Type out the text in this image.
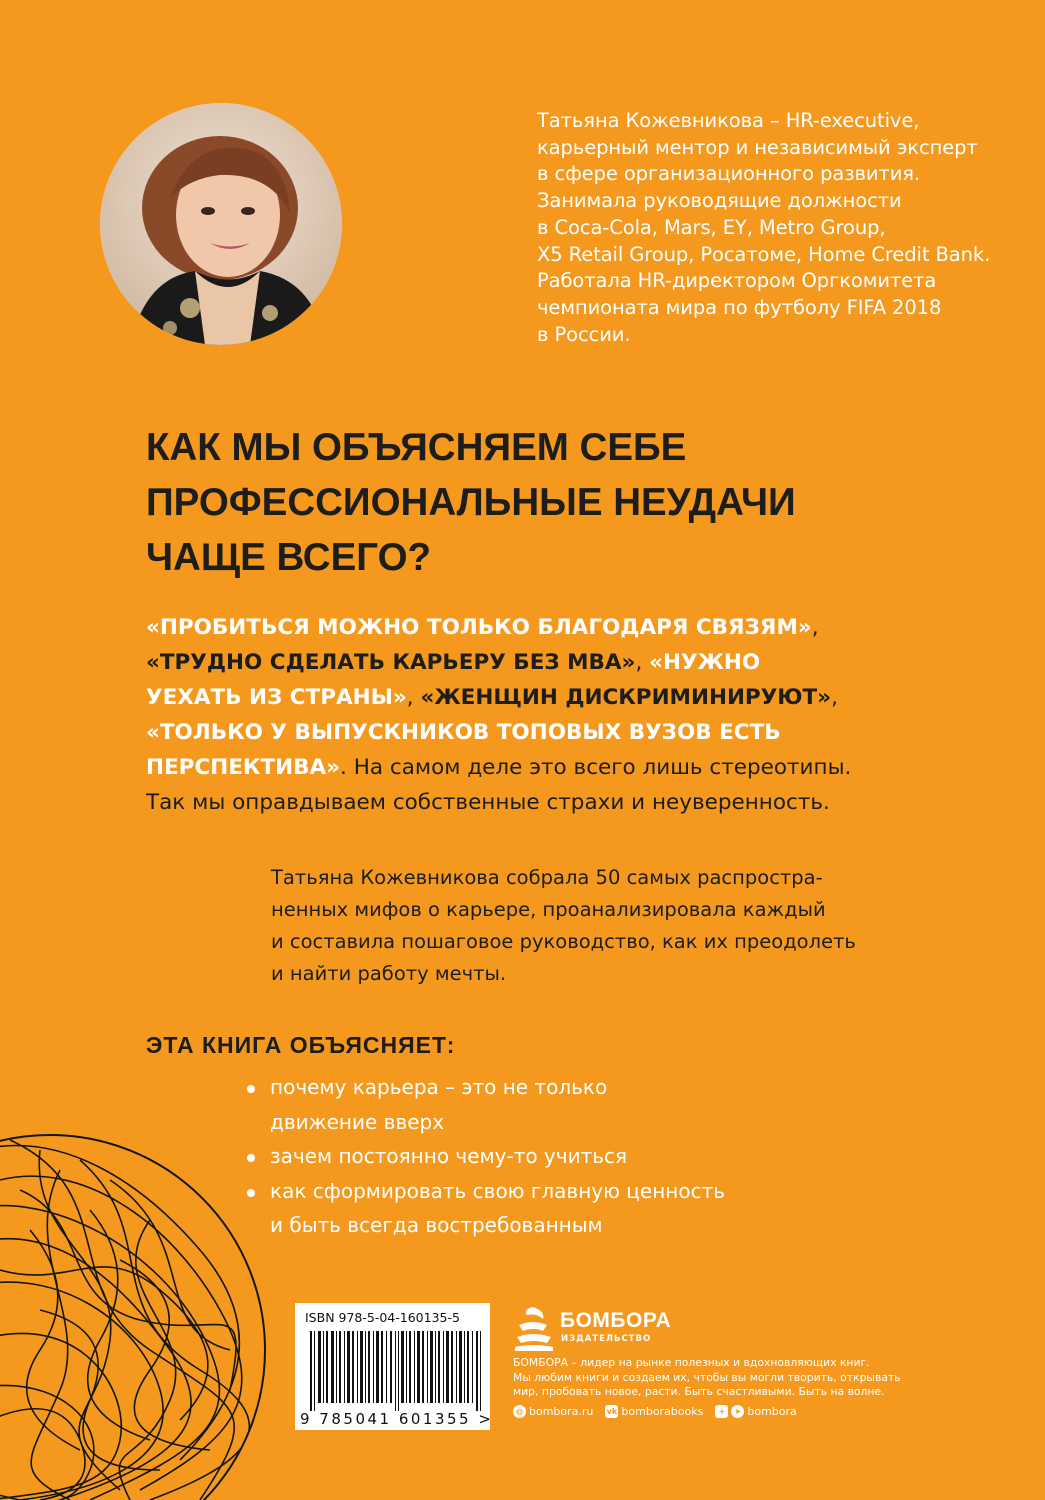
Татьяна Кожевникова – HR-executive,
карьерный ментор и независимый эксперт
в сфере организационного развития.
Занимала руководящие должности
в Coca-Cola, Mars, EY, Metro Group,
X5 Retail Group, Росатоме, Home Credit Bank.
Работала HR-директором Оргкомитета
чемпионата мира по футболу FIFA 2018
в России.
КАК МЫ ОБЪЯСНЯЕМ СЕБЕ
ПРОФЕССИОНАЛЬНЫЕ НЕУДАЧИ
ЧАЩЕ ВСЕГО?
«ПРОБИТЬСЯ МОЖНО ТОЛЬКО БЛАГОДАРЯ СВЯЗЯМ»,
«ТРУДНО СДЕЛАТЬ КАРЬЕРУ БЕЗ МВА», «НУЖНО
УЕХАТЬ ИЗ СТРАНЫ», «ЖЕНЩИН ДИСКРИМИНИРУЮТ»,
«ТОЛЬКО У ВЫПУСКНИКОВ ТОПОВЫХ ВУЗОВ ЕСТЬ
ПЕРСПЕКТИВА». На самом деле это всего лишь стереотипы.
Так мы оправдываем собственные страхи и неуверенность.
Татьяна Кожевникова собрала 50 самых распростра-
ненных мифов о карьере, проанализировала каждый
и составила пошаговое руководство, как их преодолеть
и найти работу мечты.
ЭТА КНИГА ОБЪЯСНЯЕТ:
почему карьера – это не только
движение вверх
зачем постоянно чему-то учиться
как сформировать свою главную ценность
и быть всегда востребованным
ISBN 978-5-04-160135-5
9 785041 601355 >
БОМБОРА
ИЗДАТЕЛЬСТВО
БОМБОРА – лидер на рынке полезных и вдохновляющих книг.
Мы любим книги и создаем их, чтобы вы могли творить, открывать
мир, пробовать новое, расти. Быть счастливыми. Быть на волне.
◍ bombora.ru vk bomborabooks	+	➤ bombora
